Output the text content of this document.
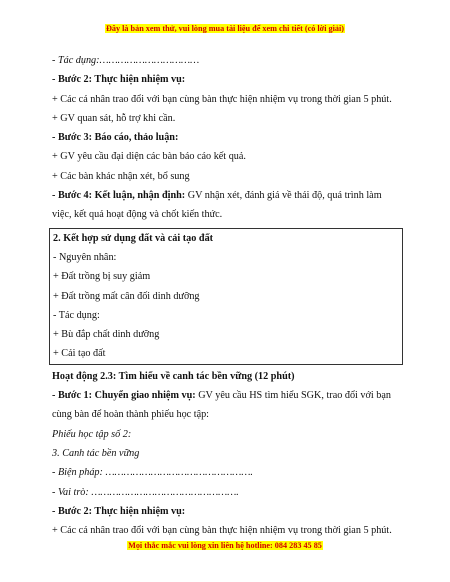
Đây là bản xem thử, vui lòng mua tài liệu để xem chi tiết (có lời giải)
- Tác dụng:……………………………
- Bước 2: Thực hiện nhiệm vụ:
+ Các cá nhân trao đổi với bạn cùng bàn thực hiện nhiệm vụ trong thời gian 5 phút.
+ GV quan sát, hỗ trợ khi cần.
- Bước 3: Báo cáo, thảo luận:
+ GV yêu cầu đại diện các bàn báo cáo kết quả.
+ Các bàn khác nhận xét, bổ sung
- Bước 4: Kết luận, nhận định: GV nhận xét, đánh giá về thái độ, quá trình làm việc, kết quả hoạt động và chốt kiến thức.
2. Kết hợp sử dụng đất và cải tạo đất
- Nguyên nhân:
+ Đất trồng bị suy giảm
+ Đất trồng mất cân đối dinh dưỡng
- Tác dụng:
+ Bù đắp chất dinh dưỡng
+ Cải tạo đất
Hoạt động 2.3: Tìm hiểu về canh tác bền vững (12 phút)
- Bước 1: Chuyển giao nhiệm vụ: GV yêu cầu HS tìm hiểu SGK, trao đổi với bạn cùng bàn để hoàn thành phiếu học tập:
Phiếu học tập số 2:
3. Canh tác bền vững
- Biện pháp: ………………………………………….
- Vai trò: ………………………………………….
- Bước 2: Thực hiện nhiệm vụ:
+ Các cá nhân trao đổi với bạn cùng bàn thực hiện nhiệm vụ trong thời gian 5 phút.
Mọi thắc mắc vui lòng xin liên hệ hotline: 084 283 45 85
